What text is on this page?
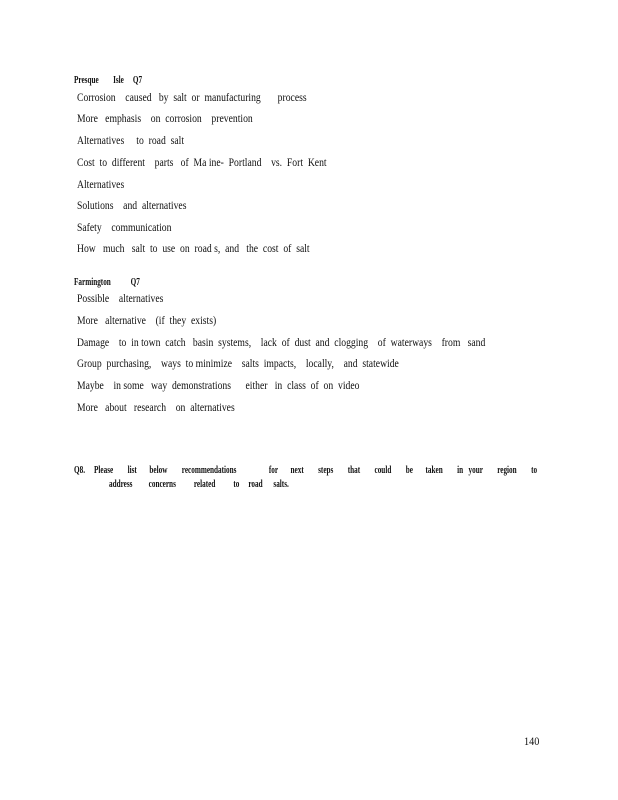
Presque        Isle     Q7
Corrosion    caused   by  salt  or  manufacturing       process
More   emphasis    on  corrosion    prevention
Alternatives     to  road  salt
Cost  to  different    parts   of  Ma ine-  Portland    vs.  Fort  Kent
Alternatives
Solutions    and  alternatives
Safety    communication
How   much   salt  to  use  on  road s,  and   the  cost  of  salt
Farmington           Q7
Possible    alternatives
More   alternative    (if  they  exists)
Damage    to  in town  catch   basin  systems,    lack  of  dust  and  clogging    of  waterways    from   sand
Group  purchasing,    ways  to minimize    salts  impacts,    locally,    and  statewide
Maybe    in some   way  demonstrations      either   in  class  of  on  video
More   about   research    on  alternatives
Q8. Please        list       below        recommendations                  for       next        steps        that        could        be       taken        in   your        region        to
address         concerns          related          to     road      salts.
140
